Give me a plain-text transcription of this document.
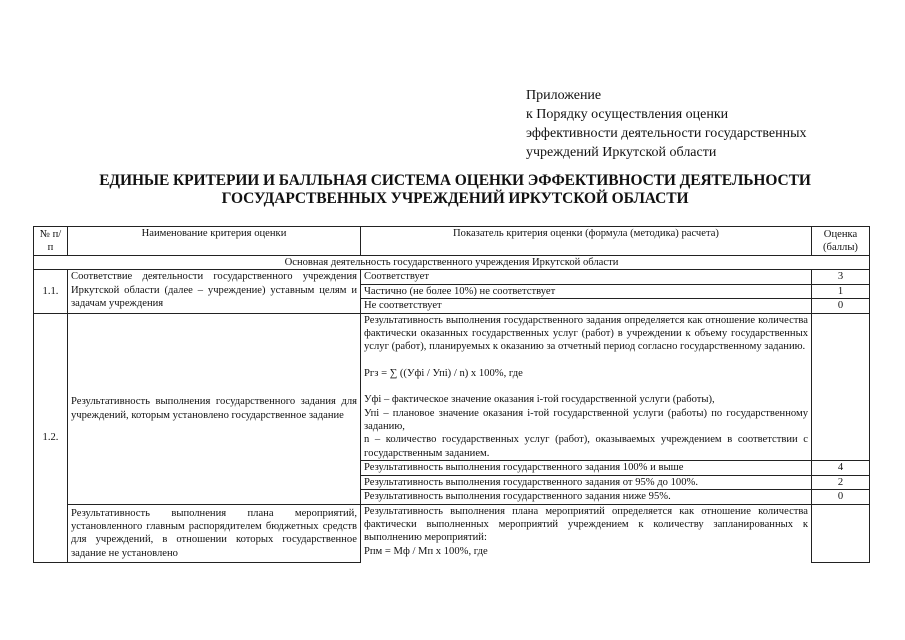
Приложение
к Порядку осуществления оценки
эффективности деятельности государственных
учреждений Иркутской области
ЕДИНЫЕ КРИТЕРИИ И БАЛЛЬНАЯ СИСТЕМА ОЦЕНКИ ЭФФЕКТИВНОСТИ ДЕЯТЕЛЬНОСТИ
ГОСУДАРСТВЕННЫХ УЧРЕЖДЕНИЙ ИРКУТСКОЙ ОБЛАСТИ
№ п/п	Наименование критерия оценки	Показатель критерия оценки (формула (методика) расчета)	Оценка (баллы)
Основная деятельность государственного учреждения Иркутской области			
1.1.	Соответствие деятельности государственного учреждения Иркутской области (далее – учреждение) уставным целям и задачам учреждения	Соответствует	3
		Частично (не более 10%) не соответствует	1
		Не соответствует	0
1.2.	Результативность выполнения государственного задания для учреждений, которым установлено государственное задание	Результативность выполнения государственного задания определяется как отношение количества фактически оказанных государственных услуг (работ) в учреждении к объему государственных услуг (работ), планируемых к оказанию за отчетный период согласно государственному заданию.

Ргз = ∑ ((Уфi / Упi) / n) х 100%, где

Уфi – фактическое значение оказания i-той государственной услуги (работы),

Упi – плановое значение оказания i-той государственной услуги (работы) по государственному заданию,

n – количество государственных услуг (работ), оказываемых учреждением в соответствии с государственным заданием.	

		Результативность выполнения государственного задания 100% и выше	4
		Результативность выполнения государственного задания от 95% до 100%.	2
		Результативность выполнения государственного задания ниже 95%.	0
	Результативность выполнения плана мероприятий, установленного главным распорядителем бюджетных средств для учреждений, в отношении которых государственное задание не установлено	Результативность выполнения плана мероприятий определяется как отношение количества фактически выполненных мероприятий учреждением к количеству запланированных к выполнению мероприятий:

Рпм = Мф / Мп х 100%, где	
